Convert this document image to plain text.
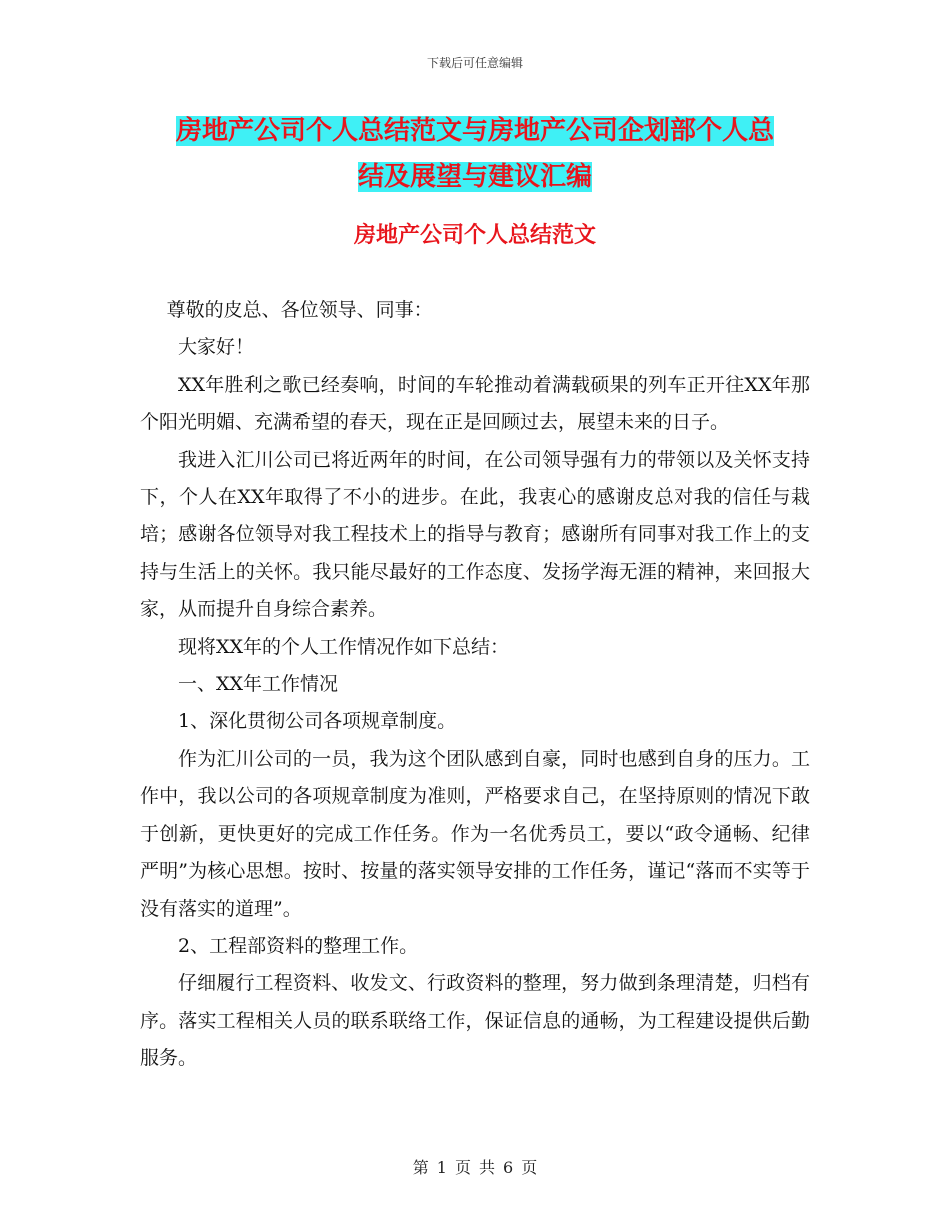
下载后可任意编辑
房地产公司个人总结范文与房地产公司企划部个人总
结及展望与建议汇编
房地产公司个人总结范文

尊敬的皮总、各位领导、同事：

大家好！

XX年胜利之歌已经奏响，时间的车轮推动着满载硕果的列车正开往XX年那个阳光明媚、充满希望的春天，现在正是回顾过去，展望未来的日子。

我进入汇川公司已将近两年的时间，在公司领导强有力的带领以及关怀支持下，个人在XX年取得了不小的进步。在此，我衷心的感谢皮总对我的信任与栽培；感谢各位领导对我工程技术上的指导与教育；感谢所有同事对我工作上的支持与生活上的关怀。我只能尽最好的工作态度、发扬学海无涯的精神，来回报大家，从而提升自身综合素养。

现将XX年的个人工作情况作如下总结：

一、XX年工作情况

1、深化贯彻公司各项规章制度。

作为汇川公司的一员，我为这个团队感到自豪，同时也感到自身的压力。工作中，我以公司的各项规章制度为准则，严格要求自己，在坚持原则的情况下敢于创新，更快更好的完成工作任务。作为一名优秀员工，要以“政令通畅、纪律严明”为核心思想。按时、按量的落实领导安排的工作任务，谨记“落而不实等于没有落实的道理”。

2、工程部资料的整理工作。

仔细履行工程资料、收发文、行政资料的整理，努力做到条理清楚，归档有序。落实工程相关人员的联系联络工作，保证信息的通畅，为工程建设提供后勤服务。

第 1 页 共 6 页
